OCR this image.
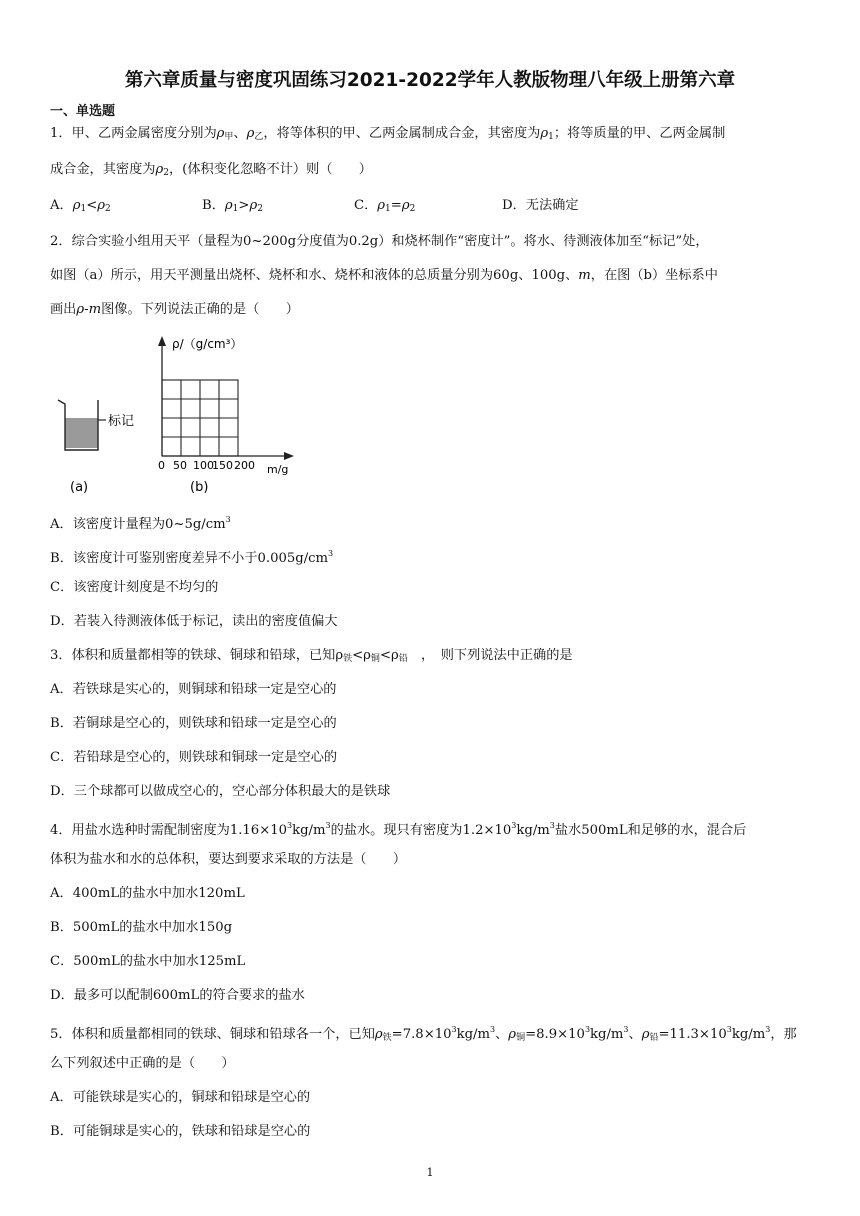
第六章质量与密度巩固练习2021-2022学年人教版物理八年级上册第六章
一、单选题
1．甲、乙两金属密度分别为$\rho_甲$、$\rho_乙$，将等体积的甲、乙两金属制成合金，其密度为$\rho_1$；将等质量的甲、乙两金属制
成合金，其密度为$\rho_2$，(体积变化忽略不计）则（　　）
A．$\rho_1<\rho_2$	B．$\rho_1>\rho_2$	C．$\rho_1=\rho_2$	D．无法确定
2．综合实验小组用天平（量程为0~200g分度值为0.2g）和烧杯制作“密度计”。将水、待测液体加至“标记”处，
如图（a）所示，用天平测量出烧杯、烧杯和水、烧杯和液体的总质量分别为60g、100g、m，在图（b）坐标系中
画出ρ-m图像。下列说法正确的是（　　）
标记
(a)
ρ/（g/cm³）
m/g
0 50 100
150 200
(b)
A．该密度计量程为$0\sim 5g/cm^3$
B．该密度计可鉴别密度差异不小于$0.005g/cm^3$
C．该密度计刻度是不均匀的
D．若装入待测液体低于标记，读出的密度值偏大
3．体积和质量都相等的铁球、铜球和铅球，已知$\rho_铁<\rho_铜<\rho_铅$　，　则下列说法中正确的是
A．若铁球是实心的，则铜球和铅球一定是空心的
B．若铜球是空心的，则铁球和铅球一定是空心的
C．若铅球是空心的，则铁球和铜球一定是空心的
D．三个球都可以做成空心的，空心部分体积最大的是铁球
4．用盐水选种时需配制密度为$1.16\times 10^3kg/m^3$的盐水。现只有密度为$1.2\times 10^3kg/m^3$盐水500mL和足够的水，混合后
体积为盐水和水的总体积，要达到要求采取的方法是（　　）
A．400mL的盐水中加水120mL
B．500mL的盐水中加水150g
C．500mL的盐水中加水125mL
D．最多可以配制600mL的符合要求的盐水
5．体积和质量都相同的铁球、铜球和铅球各一个，已知$\rho_铁=7.8\times 10^3kg/m^3$、$\rho_铜=8.9\times 10^3kg/m^3$、$\rho_铅=11.3\times 10^3kg/m^3$，那
么下列叙述中正确的是（　　）
A．可能铁球是实心的，铜球和铅球是空心的
B．可能铜球是实心的，铁球和铅球是空心的
1
